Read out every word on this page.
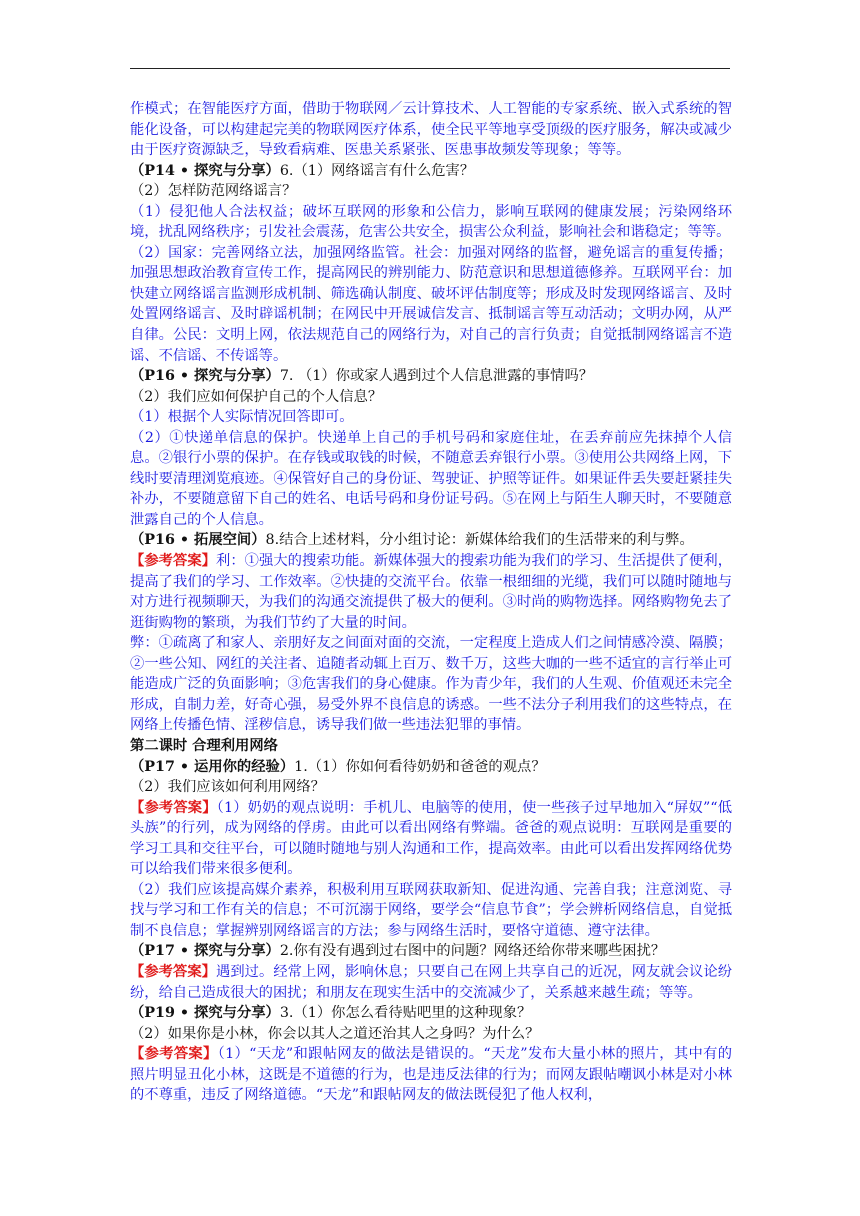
作模式；在智能医疗方面，借助于物联网／云计算技术、人工智能的专家系统、嵌入式系统的智能化设备，可以构建起完美的物联网医疗体系，使全民平等地享受顶级的医疗服务，解决或减少由于医疗资源缺乏，导致看病难、医患关系紧张、医患事故频发等现象；等等。

（P14 • 探究与分享）6.（1）网络谣言有什么危害？

（2）怎样防范网络谣言？

（1）侵犯他人合法权益；破坏互联网的形象和公信力，影响互联网的健康发展；污染网络环境，扰乱网络秩序；引发社会震荡，危害公共安全，损害公众利益，影响社会和谐稳定；等等。

（2）国家：完善网络立法，加强网络监管。社会：加强对网络的监督，避免谣言的重复传播；加强思想政治教育宣传工作，提高网民的辨别能力、防范意识和思想道德修养。互联网平台：加快建立网络谣言监测形成机制、筛选确认制度、破坏评估制度等；形成及时发现网络谣言、及时处置网络谣言、及时辟谣机制；在网民中开展诚信发言、抵制谣言等互动活动；文明办网，从严自律。公民：文明上网，依法规范自己的网络行为，对自己的言行负责；自觉抵制网络谣言不造谣、不信谣、不传谣等。

（P16 • 探究与分享）7. （1）你或家人遇到过个人信息泄露的事情吗？

（2）我们应如何保护自己的个人信息？

（1）根据个人实际情况回答即可。

（2）①快递单信息的保护。快递单上自己的手机号码和家庭住址，在丢弃前应先抹掉个人信息。②银行小票的保护。在存钱或取钱的时候，不随意丢弃银行小票。③使用公共网络上网，下线时要清理浏览痕迹。④保管好自己的身份证、驾驶证、护照等证件。如果证件丢失要赶紧挂失补办，不要随意留下自己的姓名、电话号码和身份证号码。⑤在网上与陌生人聊天时，不要随意泄露自己的个人信息。

（P16 • 拓展空间）8.结合上述材料，分小组讨论：新媒体给我们的生活带来的利与弊。

【参考答案】利：①强大的搜索功能。新媒体强大的搜索功能为我们的学习、生活提供了便利，提高了我们的学习、工作效率。②快捷的交流平台。依靠一根细细的光缆，我们可以随时随地与对方进行视频聊天，为我们的沟通交流提供了极大的便利。③时尚的购物选择。网络购物免去了逛街购物的繁琐，为我们节约了大量的时间。

弊：①疏离了和家人、亲朋好友之间面对面的交流，一定程度上造成人们之间情感冷漠、隔膜；②一些公知、网红的关注者、追随者动辄上百万、数千万，这些大咖的一些不适宜的言行举止可能造成广泛的负面影响；③危害我们的身心健康。作为青少年，我们的人生观、价值观还未完全形成，自制力差，好奇心强，易受外界不良信息的诱惑。一些不法分子利用我们的这些特点，在网络上传播色情、淫秽信息，诱导我们做一些违法犯罪的事情。

第二课时 合理利用网络

（P17 • 运用你的经验）1.（1）你如何看待奶奶和爸爸的观点？

（2）我们应该如何利用网络？

【参考答案】（1）奶奶的观点说明：手机儿、电脑等的使用，使一些孩子过早地加入“屏奴”“低头族”的行列，成为网络的俘虏。由此可以看出网络有弊端。爸爸的观点说明：互联网是重要的学习工具和交往平台，可以随时随地与别人沟通和工作，提高效率。由此可以看出发挥网络优势可以给我们带来很多便利。

（2）我们应该提高媒介素养，积极利用互联网获取新知、促进沟通、完善自我；注意浏览、寻找与学习和工作有关的信息；不可沉溺于网络，要学会“信息节食”；学会辨析网络信息，自觉抵制不良信息；掌握辨别网络谣言的方法；参与网络生活时，要恪守道德、遵守法律。

（P17 • 探究与分享）2.你有没有遇到过右图中的问题？网络还给你带来哪些困扰？

【参考答案】遇到过。经常上网，影响休息；只要自己在网上共享自己的近况，网友就会议论纷纷，给自己造成很大的困扰；和朋友在现实生活中的交流减少了，关系越来越生疏；等等。

（P19 • 探究与分享）3.（1）你怎么看待贴吧里的这种现象？

（2）如果你是小林，你会以其人之道还治其人之身吗？为什么？

【参考答案】（1）“天龙”和跟帖网友的做法是错误的。“天龙”发布大量小林的照片，其中有的照片明显丑化小林，这既是不道德的行为，也是违反法律的行为；而网友跟帖嘲讽小林是对小林的不尊重，违反了网络道德。“天龙”和跟帖网友的做法既侵犯了他人权利，
